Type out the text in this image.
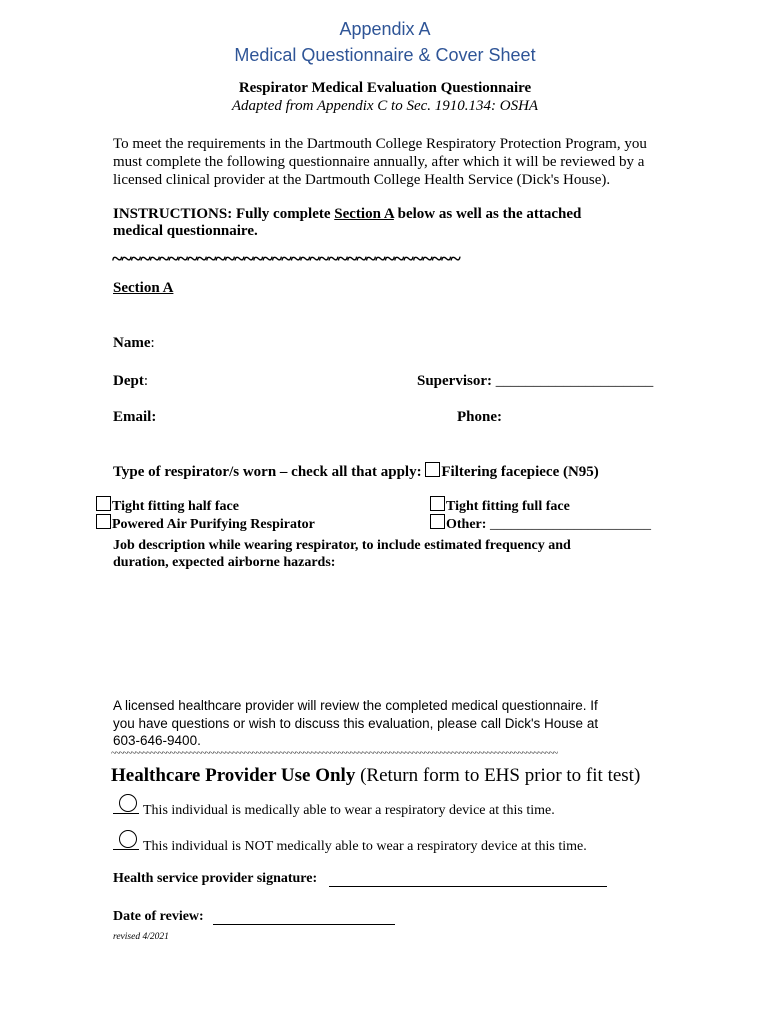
Appendix A
Medical Questionnaire & Cover Sheet
Respirator Medical Evaluation Questionnaire
Adapted from Appendix C to Sec. 1910.134: OSHA
To meet the requirements in the Dartmouth College Respiratory Protection Program, you
must complete the following questionnaire annually, after which it will be reviewed by a
licensed clinical provider at the Dartmouth College Health Service (Dick's House).
INSTRUCTIONS: Fully complete Section A below as well as the attached
medical questionnaire.
~~~~~~~~~~~~~~~~~~~~~~~~~~~~~~~~~~~~~
Section A
Name:
Dept:	Supervisor: _____________________
Email:	Phone:
Type of respirator/s worn – check all that apply: Filtering facepiece (N95)
Tight fitting half face	Tight fitting full face
Powered Air Purifying Respirator	Other: _______________________
Job description while wearing respirator, to include estimated frequency and
duration, expected airborne hazards:
A licensed healthcare provider will review the completed medical questionnaire. If
you have questions or wish to discuss this evaluation, please call Dick's House at
603-646-9400.
~~~~~~~~~~~~~~~~~~~~~~~~~~~~~~~~~~~~~~~~~~~~~~~~~~~~~~~~~~~~~~~~~~~~~~~~~~~~~~~~~~~~~~~~~~~~~~~~~~~~~~~~~~~~~~~~~~
Healthcare Provider Use Only (Return form to EHS prior to fit test)
This individual is medically able to wear a respiratory device at this time.
This individual is NOT medically able to wear a respiratory device at this time.
Health service provider signature:
Date of review:
revised 4/2021
